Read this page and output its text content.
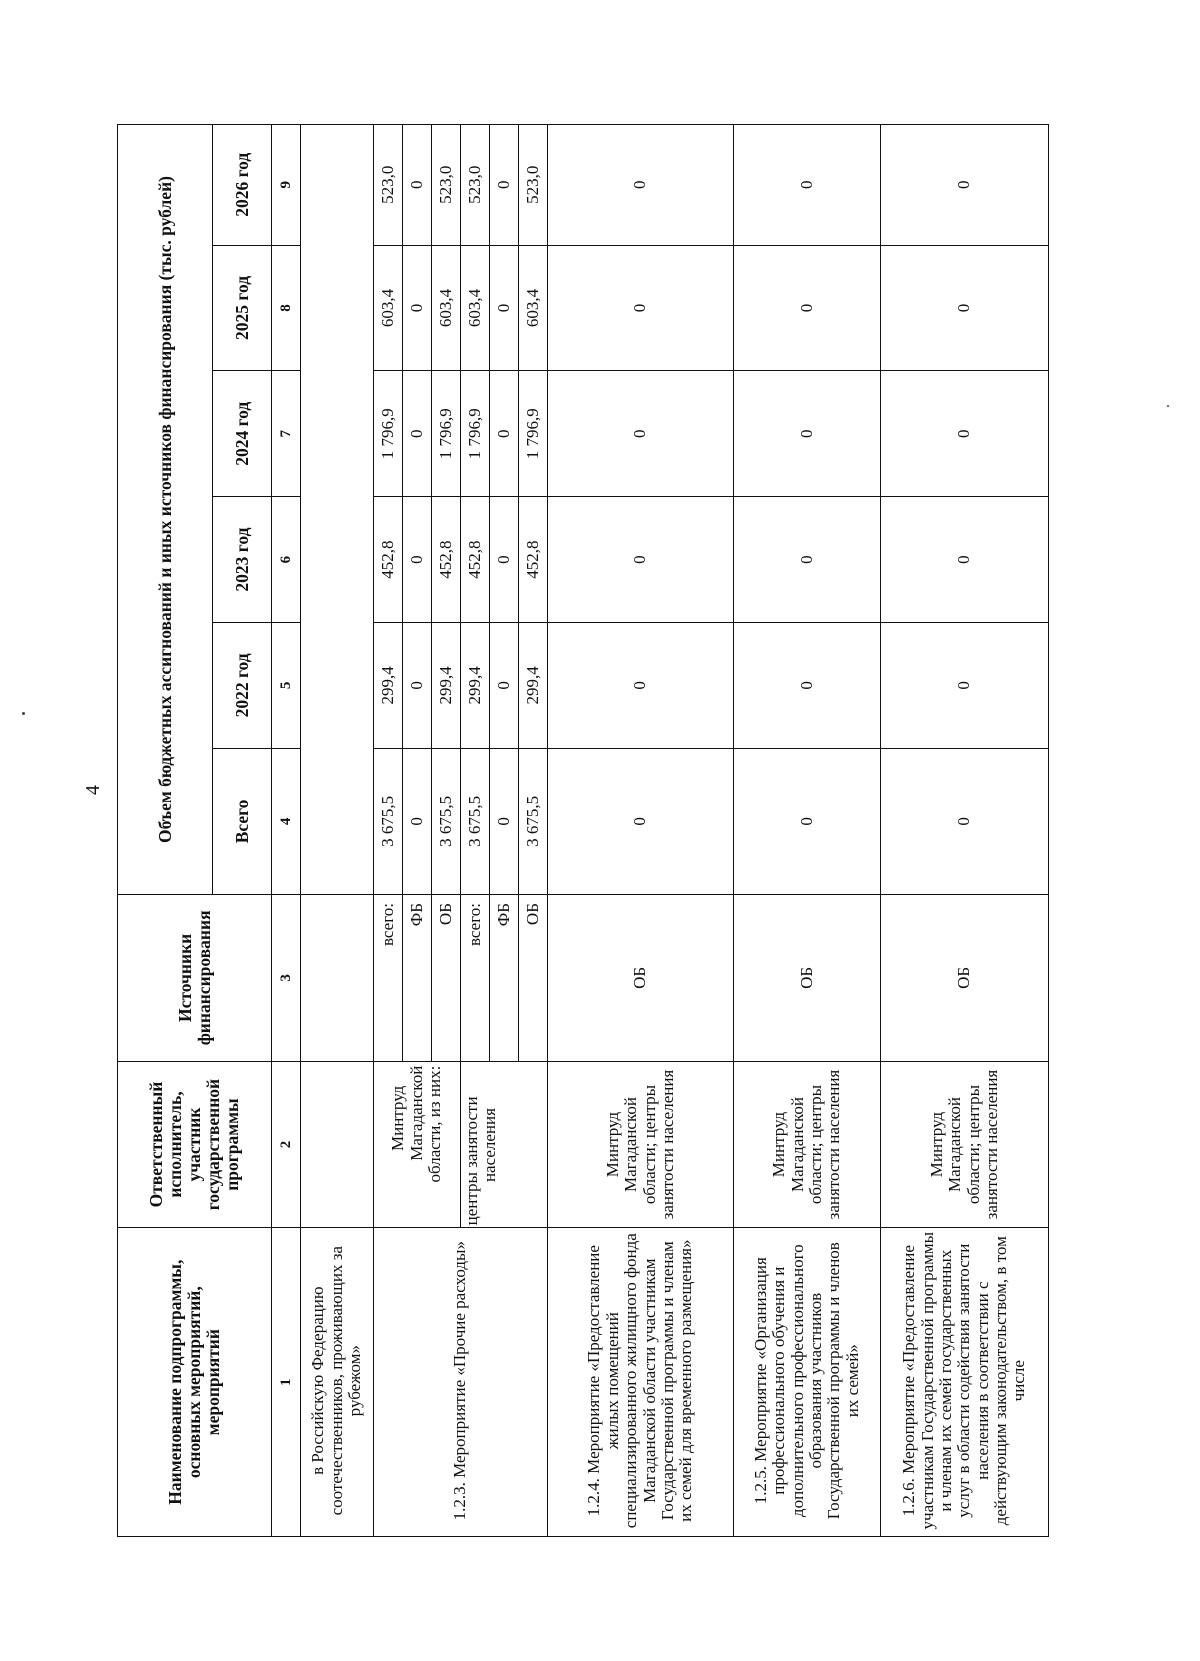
4
Наименование подпрограммы, основных мероприятий, мероприятий	Ответственный исполнитель, участник государственной программы	Источники финансирования	Объем бюджетных ассигнований и иных источников финансирования (тыс. рублей)					
			Всего	2022 год	2023 год	2024 год	2025 год	2026 год
1	2	3	4	5	6	7	8	9
в Российскую Федерацию соотечественников, проживающих за рубежом»								
1.2.3. Мероприятие «Прочие расходы»	Минтруд Магаданской области, из них:	всего:	3 675,5	299,4	452,8	1 796,9	603,4	523,0
		ФБ	0	0	0	0	0	0
		ОБ	3 675,5	299,4	452,8	1 796,9	603,4	523,0

	центры занятости населения	всего:	3 675,5	299,4	452,8	1 796,9	603,4	523,0
		ФБ	0	0	0	0	0	0
		ОБ	3 675,5	299,4	452,8	1 796,9	603,4	523,0
1.2.4. Мероприятие «Предоставление жилых помещений специализированного жилищного фонда Магаданской области участникам Государственной программы и членам их семей для временного размещения»	Минтруд Магаданской области; центры занятости населения	ОБ	0	0	0	0	0	0
1.2.5. Мероприятие «Организация профессионального обучения и дополнительного профессионального образования участников Государственной программы и членов их семей»	Минтруд Магаданской области; центры занятости населения	ОБ	0	0	0	0	0	0
1.2.6. Мероприятие «Предоставление участникам Государственной программы и членам их семей государственных услуг в области содействия занятости населения в соответствии с действующим законодательством, в том числе	Минтруд Магаданской области; центры занятости населения	ОБ	0	0	0	0	0	0
